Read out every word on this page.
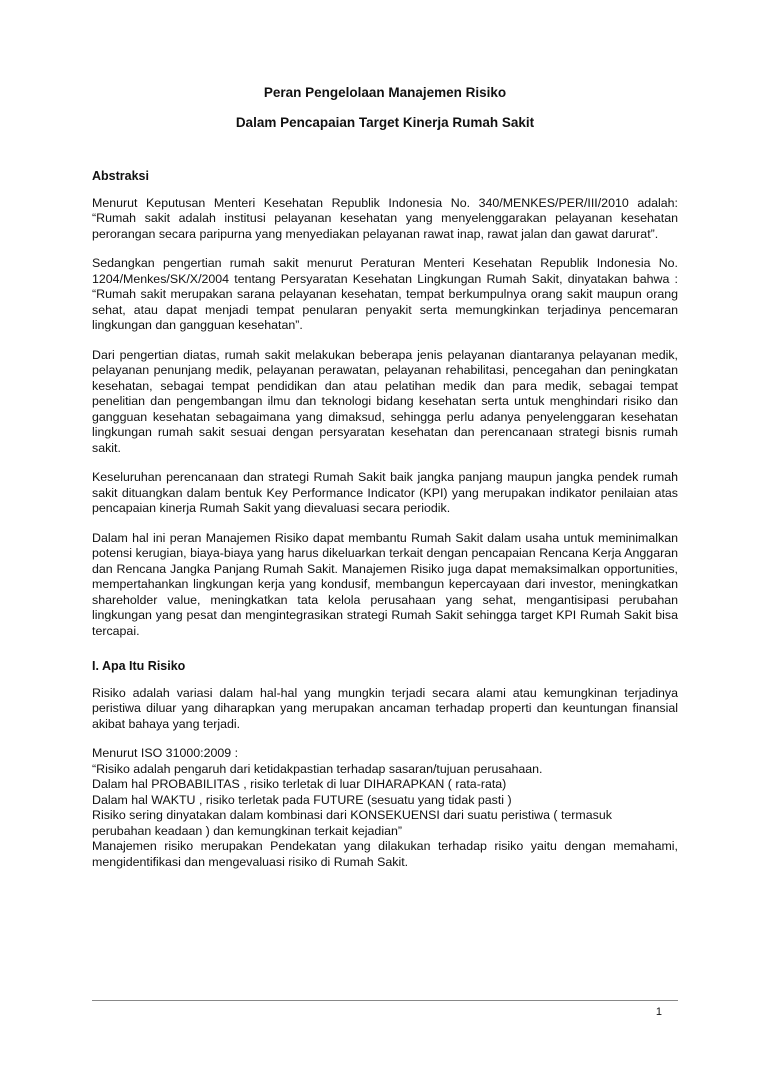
Peran Pengelolaan Manajemen Risiko
Dalam Pencapaian Target Kinerja Rumah Sakit
Abstraksi

Menurut Keputusan Menteri Kesehatan Republik Indonesia No. 340/MENKES/PER/III/2010 adalah: “Rumah sakit adalah institusi pelayanan kesehatan yang menyelenggarakan pelayanan kesehatan perorangan secara paripurna yang menyediakan pelayanan rawat inap, rawat jalan dan gawat darurat”.

Sedangkan pengertian rumah sakit menurut Peraturan Menteri Kesehatan Republik Indonesia No. 1204/Menkes/SK/X/2004 tentang Persyaratan Kesehatan Lingkungan Rumah Sakit, dinyatakan bahwa : “Rumah sakit merupakan sarana pelayanan kesehatan, tempat berkumpulnya orang sakit maupun orang sehat, atau dapat menjadi tempat penularan penyakit serta memungkinkan terjadinya pencemaran lingkungan dan gangguan kesehatan”.

Dari pengertian diatas, rumah sakit melakukan beberapa jenis pelayanan diantaranya pelayanan medik, pelayanan penunjang medik, pelayanan perawatan, pelayanan rehabilitasi, pencegahan dan peningkatan kesehatan, sebagai tempat pendidikan dan atau pelatihan medik dan para medik, sebagai tempat penelitian dan pengembangan ilmu dan teknologi bidang kesehatan serta untuk menghindari risiko dan gangguan kesehatan sebagaimana yang dimaksud, sehingga perlu adanya penyelenggaran kesehatan lingkungan rumah sakit sesuai dengan persyaratan kesehatan dan perencanaan strategi bisnis rumah sakit.

Keseluruhan perencanaan dan strategi Rumah Sakit baik jangka panjang maupun jangka pendek rumah sakit dituangkan dalam bentuk Key Performance Indicator (KPI) yang merupakan indikator penilaian atas pencapaian kinerja Rumah Sakit yang dievaluasi secara periodik.

Dalam hal ini peran Manajemen Risiko dapat membantu Rumah Sakit dalam usaha untuk meminimalkan potensi kerugian, biaya-biaya yang harus dikeluarkan terkait dengan pencapaian Rencana Kerja Anggaran dan Rencana Jangka Panjang Rumah Sakit. Manajemen Risiko juga dapat memaksimalkan opportunities, mempertahankan lingkungan kerja yang kondusif, membangun kepercayaan dari investor, meningkatkan shareholder value, meningkatkan tata kelola perusahaan yang sehat, mengantisipasi perubahan lingkungan yang pesat dan mengintegrasikan strategi Rumah Sakit sehingga target KPI Rumah Sakit bisa tercapai.

I. Apa Itu Risiko

Risiko adalah variasi dalam hal-hal yang mungkin terjadi secara alami atau kemungkinan terjadinya peristiwa diluar yang diharapkan yang merupakan ancaman terhadap properti dan keuntungan finansial akibat bahaya yang terjadi.

Menurut ISO 31000:2009 :
“Risiko adalah pengaruh dari ketidakpastian terhadap sasaran/tujuan perusahaan.
Dalam hal PROBABILITAS , risiko terletak di luar DIHARAPKAN ( rata-rata)
Dalam hal WAKTU , risiko terletak pada FUTURE (sesuatu yang tidak pasti )
Risiko sering dinyatakan dalam kombinasi dari KONSEKUENSI dari suatu peristiwa ( termasuk
perubahan keadaan ) dan kemungkinan terkait kejadian”
Manajemen risiko merupakan Pendekatan yang dilakukan terhadap risiko yaitu dengan memahami, mengidentifikasi dan mengevaluasi risiko di Rumah Sakit.
1
